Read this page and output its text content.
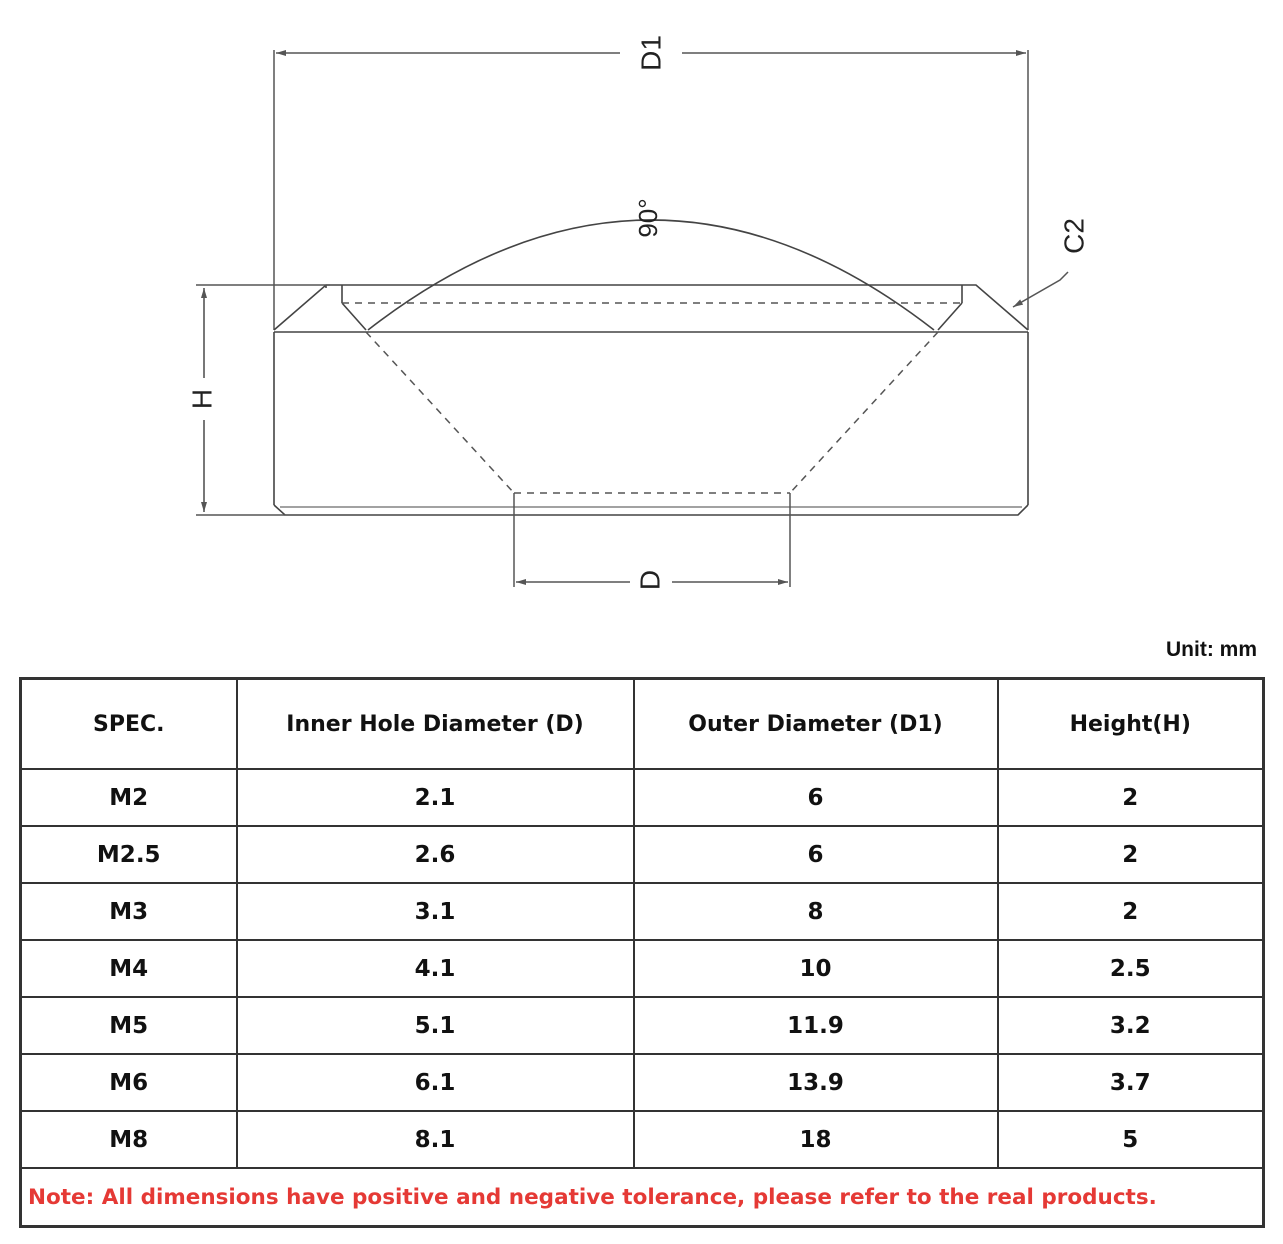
D1
90°	C2
H
D
Unit: mm
SPEC.	Inner Hole Diameter (D)	Outer Diameter (D1)	Height(H)
M2	2.1	6	2
M2.5	2.6	6	2
M3	3.1	8	2
M4	4.1	10	2.5
M5	5.1	11.9	3.2
M6	6.1	13.9	3.7
M8	8.1	18	5
Note: All dimensions have positive and negative tolerance, please refer to the real products.			
